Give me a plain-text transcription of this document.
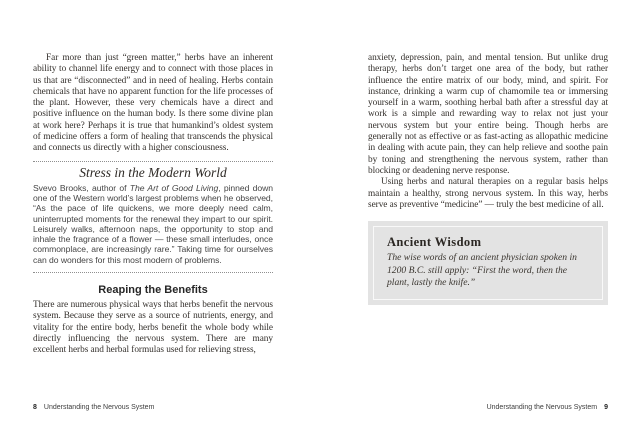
Far more than just “green matter,” herbs have an inherent ability to channel life energy and to connect with those places in us that are “disconnected” and in need of healing. Herbs contain chemicals that have no apparent function for the life processes of the plant. However, these very chemicals have a direct and positive influence on the human body. Is there some divine plan at work here? Perhaps it is true that humankind’s oldest system of medicine offers a form of healing that transcends the physical and connects us directly with a higher consciousness.

Stress in the Modern World

Svevo Brooks, author of The Art of Good Living, pinned down one of the Western world’s largest problems when he observed, “As the pace of life quickens, we more deeply need calm, uninterrupted moments for the renewal they impart to our spirit. Leisurely walks, afternoon naps, the opportunity to stop and inhale the fragrance of a flower — these small interludes, once commonplace, are increasingly rare.” Taking time for ourselves can do wonders for this most modern of problems.

Reaping the Benefits

There are numerous physical ways that herbs benefit the nervous system. Because they serve as a source of nutrients, energy, and vitality for the entire body, herbs benefit the whole body while directly influencing the nervous system. There are many excellent herbs and herbal formulas used for relieving stress,

anxiety, depression, pain, and mental tension. But unlike drug therapy, herbs don’t target one area of the body, but rather influence the entire matrix of our body, mind, and spirit. For instance, drinking a warm cup of chamomile tea or immersing yourself in a warm, soothing herbal bath after a stressful day at work is a simple and rewarding way to relax not just your nervous system but your entire being. Though herbs are generally not as effective or as fast-acting as allopathic medicine in dealing with acute pain, they can help relieve and soothe pain by toning and strengthening the nervous system, rather than blocking or deadening nerve response.

Using herbs and natural therapies on a regular basis helps maintain a healthy, strong nervous system. In this way, herbs serve as preventive “medicine” — truly the best medicine of all.

Ancient Wisdom

The wise words of an ancient physician spoken in 1200 B.C. still apply: “First the word, then the plant, lastly the knife.”

8 Understanding the Nervous System	Understanding the Nervous System 9
